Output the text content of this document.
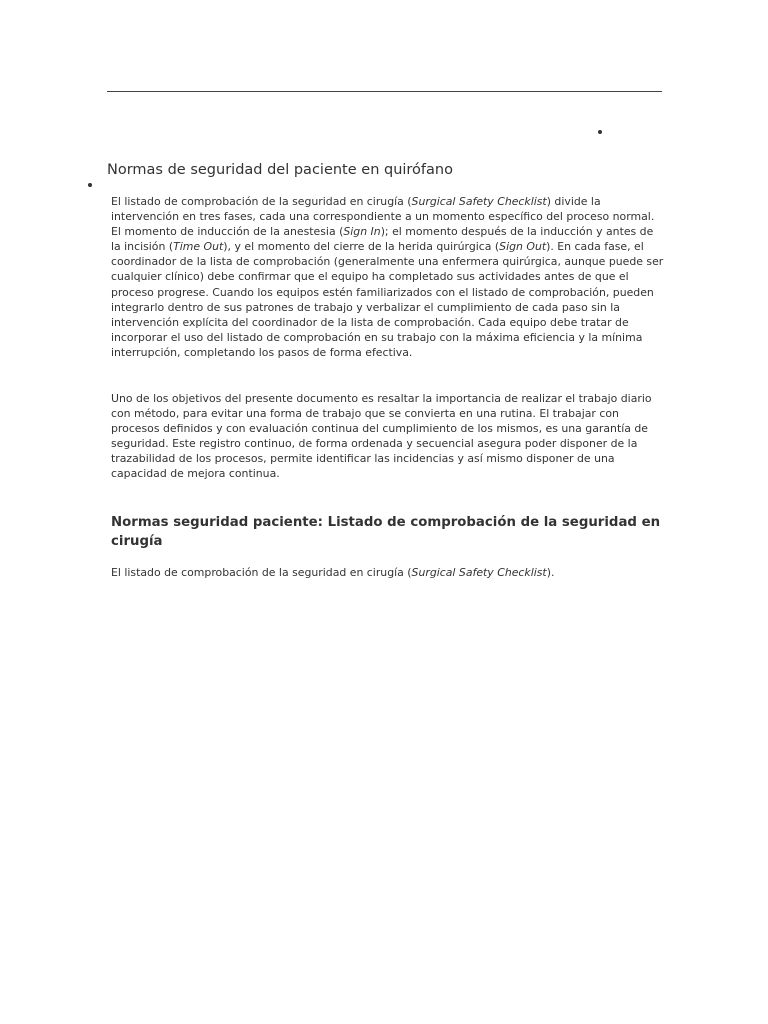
Normas de seguridad del paciente en quirófano

El listado de comprobación de la seguridad en cirugía (Surgical Safety Checklist) divide la intervención en tres fases, cada una correspondiente a un momento específico del proceso normal. El momento de inducción de la anestesia (Sign In); el momento después de la inducción y antes de la incisión (Time Out), y el momento del cierre de la herida quirúrgica (Sign Out). En cada fase, el coordinador de la lista de comprobación (generalmente una enfermera quirúrgica, aunque puede ser cualquier clínico) debe confirmar que el equipo ha completado sus actividades antes de que el proceso progrese. Cuando los equipos estén familiarizados con el listado de comprobación, pueden integrarlo dentro de sus patrones de trabajo y verbalizar el cumplimiento de cada paso sin la intervención explícita del coordinador de la lista de comprobación. Cada equipo debe tratar de incorporar el uso del listado de comprobación en su trabajo con la máxima eficiencia y la mínima interrupción, completando los pasos de forma efectiva.

Uno de los objetivos del presente documento es resaltar la importancia de realizar el trabajo diario con método, para evitar una forma de trabajo que se convierta en una rutina. El trabajar con procesos definidos y con evaluación continua del cumplimiento de los mismos, es una garantía de seguridad. Este registro continuo, de forma ordenada y secuencial asegura poder disponer de la trazabilidad de los procesos, permite identificar las incidencias y así mismo disponer de una capacidad de mejora continua.

Normas seguridad paciente: Listado de comprobación de la seguridad en cirugía

El listado de comprobación de la seguridad en cirugía (Surgical Safety Checklist).
